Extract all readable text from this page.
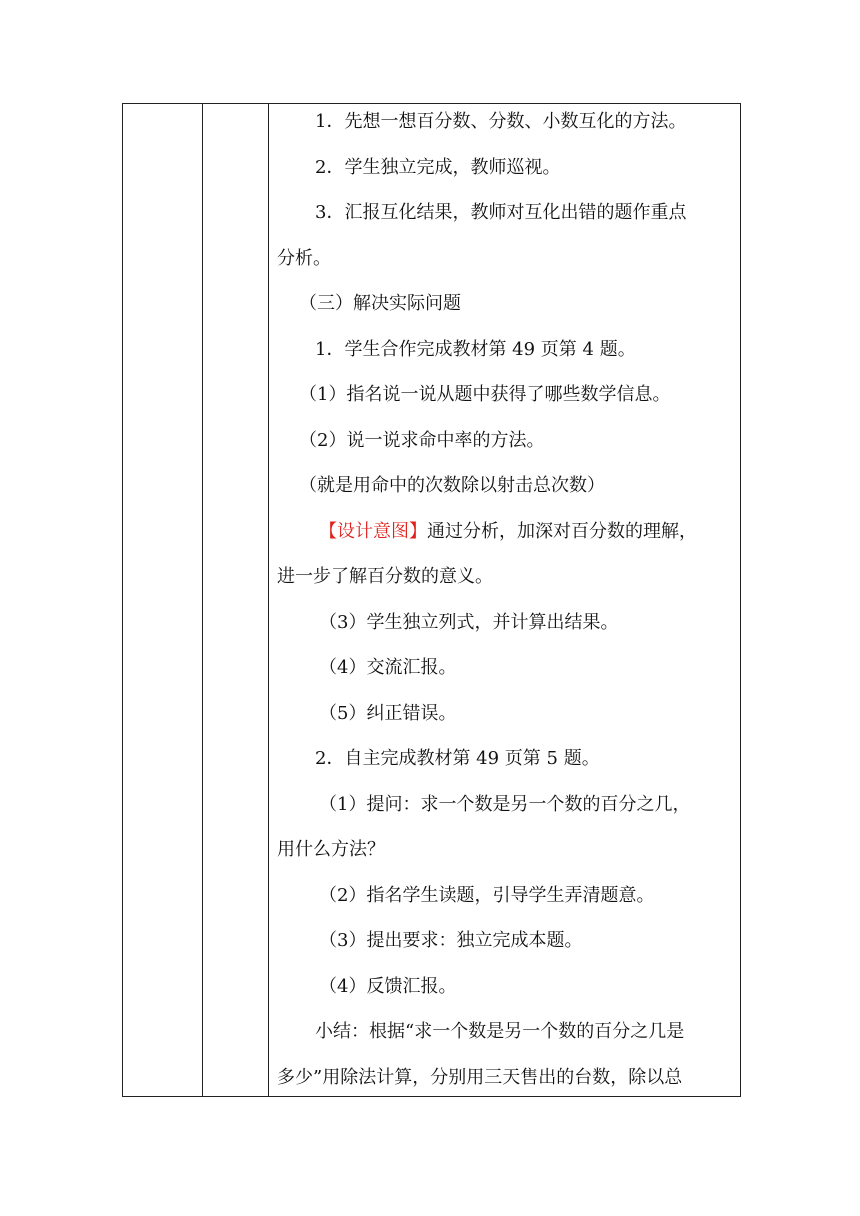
1．先想一想百分数、分数、小数互化的方法。

2．学生独立完成，教师巡视。

3．汇报互化结果，教师对互化出错的题作重点

分析。

（三）解决实际问题

1．学生合作完成教材第 49 页第 4 题。

（1）指名说一说从题中获得了哪些数学信息。

（2）说一说求命中率的方法。

（就是用命中的次数除以射击总次数）

【设计意图】通过分析，加深对百分数的理解，

进一步了解百分数的意义。

（3）学生独立列式，并计算出结果。

（4）交流汇报。

（5）纠正错误。

2．自主完成教材第 49 页第 5 题。

（1）提问：求一个数是另一个数的百分之几，

用什么方法？

（2）指名学生读题，引导学生弄清题意。

（3）提出要求：独立完成本题。

（4）反馈汇报。

小结：根据“求一个数是另一个数的百分之几是

多少”用除法计算，分别用三天售出的台数，除以总
